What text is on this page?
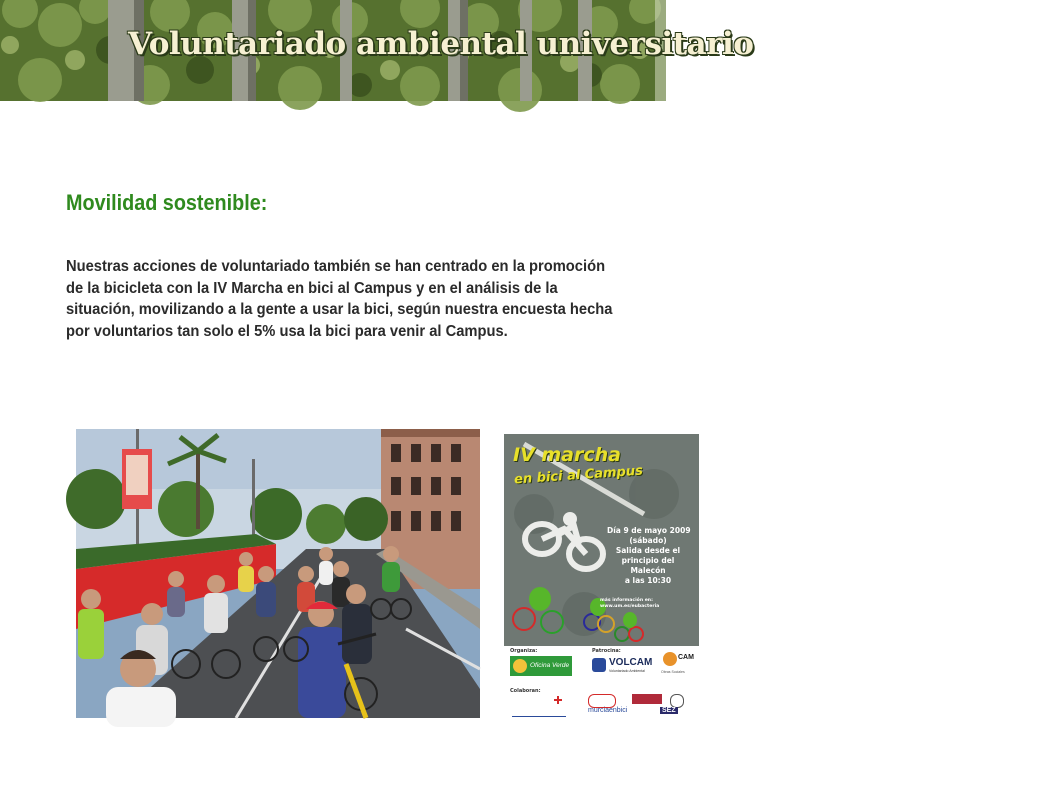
Voluntariado ambiental universitario
Movilidad sostenible:

Nuestras acciones de voluntariado también se han centrado en la promoción de la bicicleta con la IV Marcha en bici al Campus y en el análisis de la situación, movilizando a la gente a usar la bici, según nuestra encuesta hecha por voluntarios tan solo el 5% usa la bici para venir al Campus.

IV marcha
en bici al Campus
Día 9 de mayo 2009
(sábado)
Salida desde el
principio del
Malecón
a las 10:30
más información en:
www.um.es/eubacteria
Organiza:	Patrocina:
Oficina Verde	VOLCAM
Voluntariado Ambiental
CAM
Obras Sociales
Colaboran:
murciaenbici	SEZ
